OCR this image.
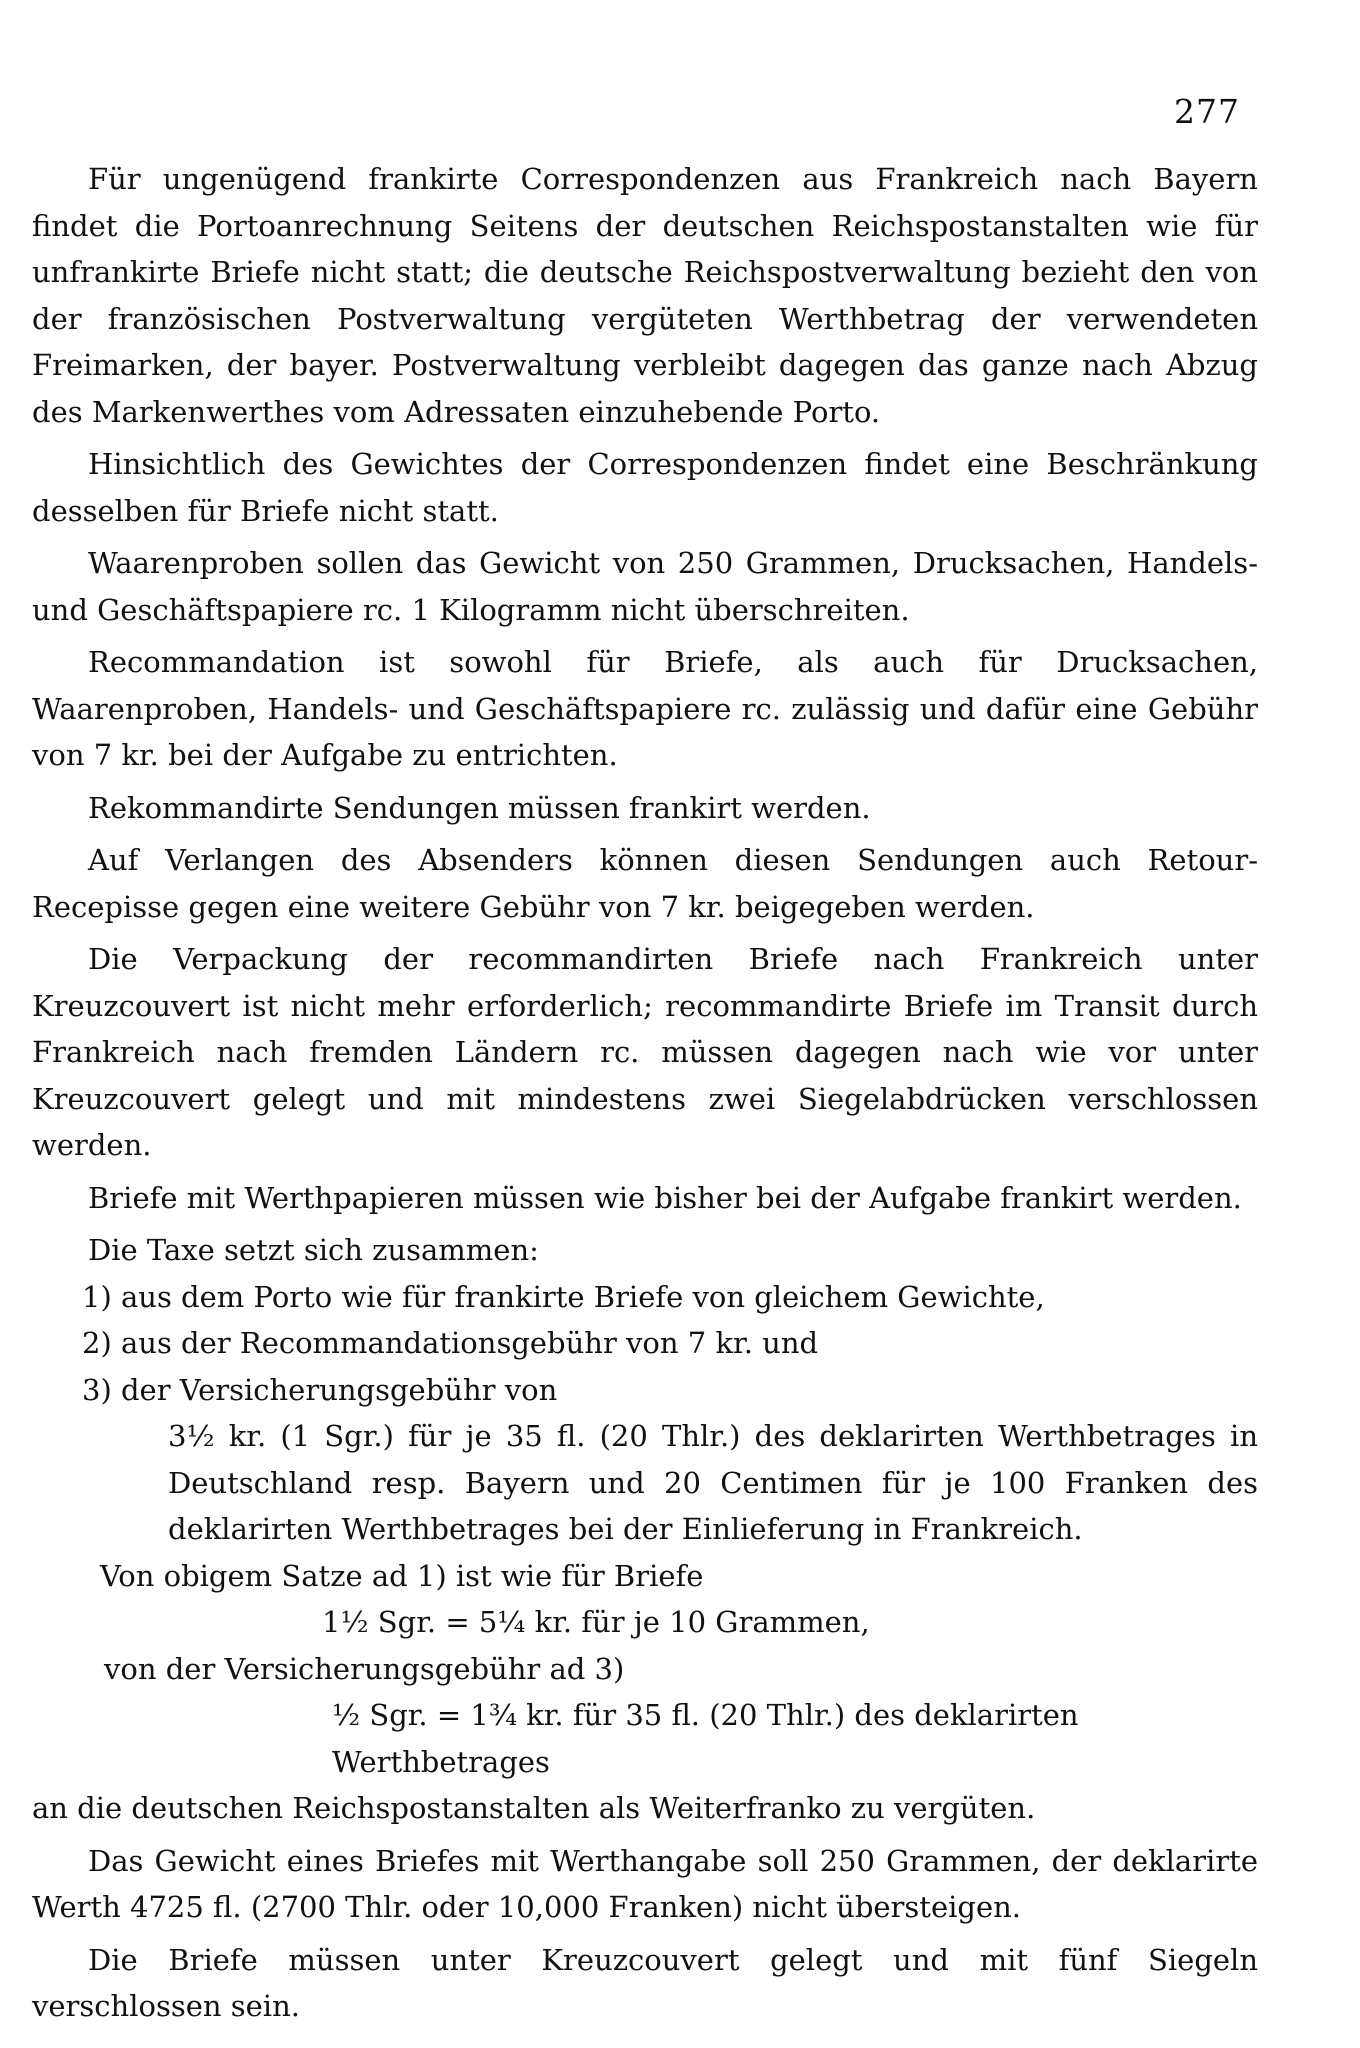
277

Für ungenügend frankirte Correspondenzen aus Frankreich nach Bayern findet die Portoanrechnung Seitens der deutschen Reichspostanstalten wie für unfrankirte Briefe nicht statt; die deutsche Reichspostverwaltung bezieht den von der französischen Postverwaltung vergüteten Werthbetrag der verwendeten Freimarken, der bayer. Postverwaltung verbleibt dagegen das ganze nach Abzug des Markenwerthes vom Adressaten einzuhebende Porto.

Hinsichtlich des Gewichtes der Correspondenzen findet eine Beschränkung desselben für Briefe nicht statt.

Waarenproben sollen das Gewicht von 250 Grammen, Drucksachen, Handels- und Geschäftspapiere rc. 1 Kilogramm nicht überschreiten.

Recommandation ist sowohl für Briefe, als auch für Drucksachen, Waarenproben, Handels- und Geschäftspapiere rc. zulässig und dafür eine Gebühr von 7 kr. bei der Aufgabe zu entrichten.

Rekommandirte Sendungen müssen frankirt werden.

Auf Verlangen des Absenders können diesen Sendungen auch Retour-Recepisse gegen eine weitere Gebühr von 7 kr. beigegeben werden.

Die Verpackung der recommandirten Briefe nach Frankreich unter Kreuzcouvert ist nicht mehr erforderlich; recommandirte Briefe im Transit durch Frankreich nach fremden Ländern rc. müssen dagegen nach wie vor unter Kreuzcouvert gelegt und mit mindestens zwei Siegelabdrücken verschlossen werden.

Briefe mit Werthpapieren müssen wie bisher bei der Aufgabe frankirt werden.

Die Taxe setzt sich zusammen:

1) aus dem Porto wie für frankirte Briefe von gleichem Gewichte,
2) aus der Recommandationsgebühr von 7 kr. und
3) der Versicherungsgebühr von
3½ kr. (1 Sgr.) für je 35 fl. (20 Thlr.) des deklarirten Werthbetrages in Deutschland resp. Bayern und 20 Centimen für je 100 Franken des deklarirten Werthbetrages bei der Einlieferung in Frankreich.
Von obigem Satze ad 1) ist wie für Briefe
1½ Sgr. = 5¼ kr. für je 10 Grammen,
von der Versicherungsgebühr ad 3)
½ Sgr. = 1¾ kr. für 35 fl. (20 Thlr.) des deklarirten Werthbetrages
an die deutschen Reichspostanstalten als Weiterfranko zu vergüten.

Das Gewicht eines Briefes mit Werthangabe soll 250 Grammen, der deklarirte Werth 4725 fl. (2700 Thlr. oder 10,000 Franken) nicht übersteigen.

Die Briefe müssen unter Kreuzcouvert gelegt und mit fünf Siegeln verschlossen sein.
